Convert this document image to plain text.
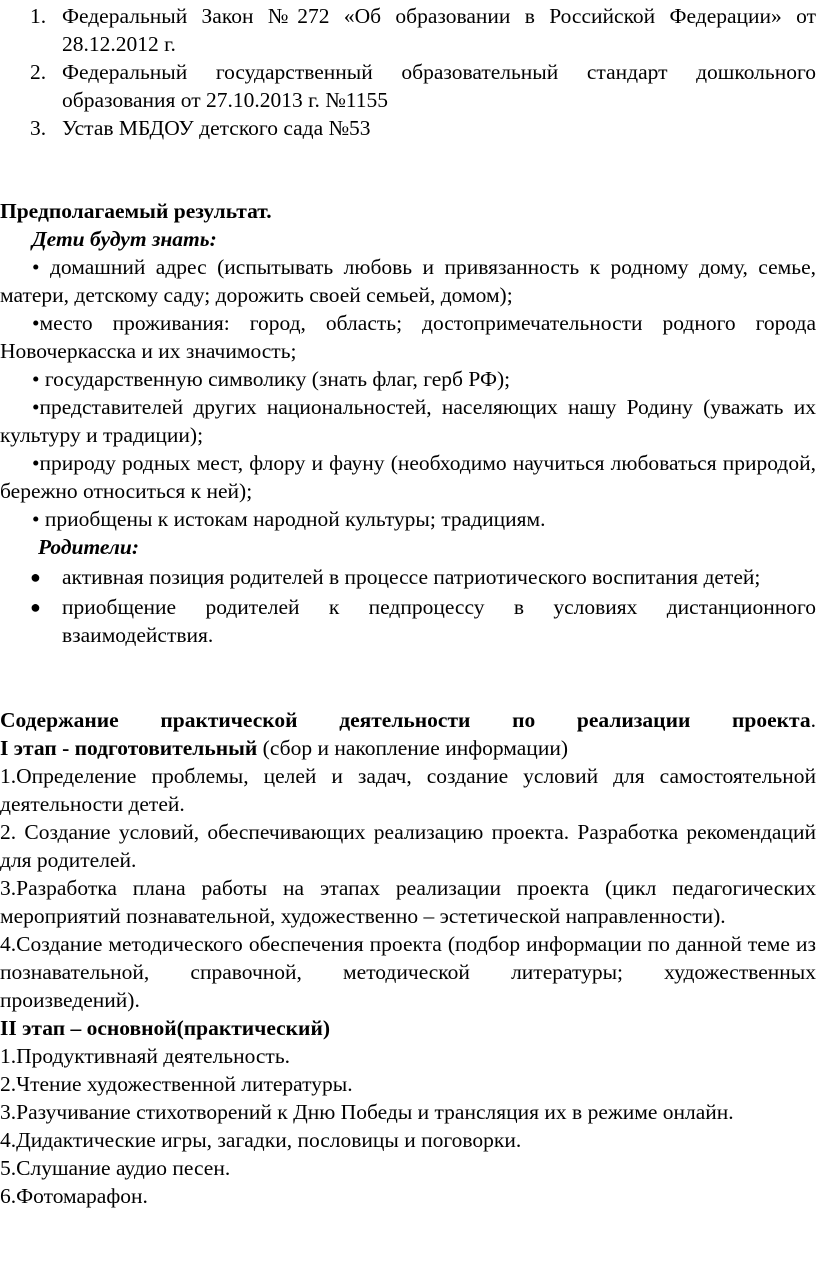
1. Федеральный Закон №272 «Об образовании в Российской Федерации» от 28.12.2012 г.
2. Федеральный государственный образовательный стандарт дошкольного образования от 27.10.2013 г. №1155
3. Устав МБДОУ детского сада №53
Предполагаемый результат.
Дети будут знать:
• домашний адрес (испытывать любовь и привязанность к родному дому, семье, матери, детскому саду; дорожить своей семьей, домом);
•место проживания: город, область; достопримечательности родного города Новочеркасска и их значимость;
• государственную символику (знать флаг, герб РФ);
•представителей других национальностей, населяющих нашу Родину (уважать их культуру и традиции);
•природу родных мест, флору и фауну (необходимо научиться любоваться природой, бережно относиться к ней);
• приобщены к истокам народной культуры; традициям.
Родители:
● активная позиция родителей в процессе патриотического воспитания детей;
● приобщение родителей к педпроцессу в условиях дистанционного взаимодействия.
Содержание практической деятельности по реализации проекта.
I этап - подготовительный (сбор и накопление информации)
1.Определение проблемы, целей и задач, создание условий для самостоятельной деятельности детей.
2. Создание условий, обеспечивающих реализацию проекта. Разработка рекомендаций для родителей.
3.Разработка плана работы на этапах реализации проекта (цикл педагогических мероприятий познавательной, художественно – эстетической направленности).
4.Создание методического обеспечения проекта (подбор информации по данной теме из познавательной, справочной, методической литературы; художественных произведений).
II этап – основной(практический)
1.Продуктивнаяй деятельность.
2.Чтение художественной литературы.
3.Разучивание стихотворений к Дню Победы и трансляция их в режиме онлайн.
4.Дидактические игры, загадки, пословицы и поговорки.
5.Слушание аудио песен.
6.Фотомарафон.
